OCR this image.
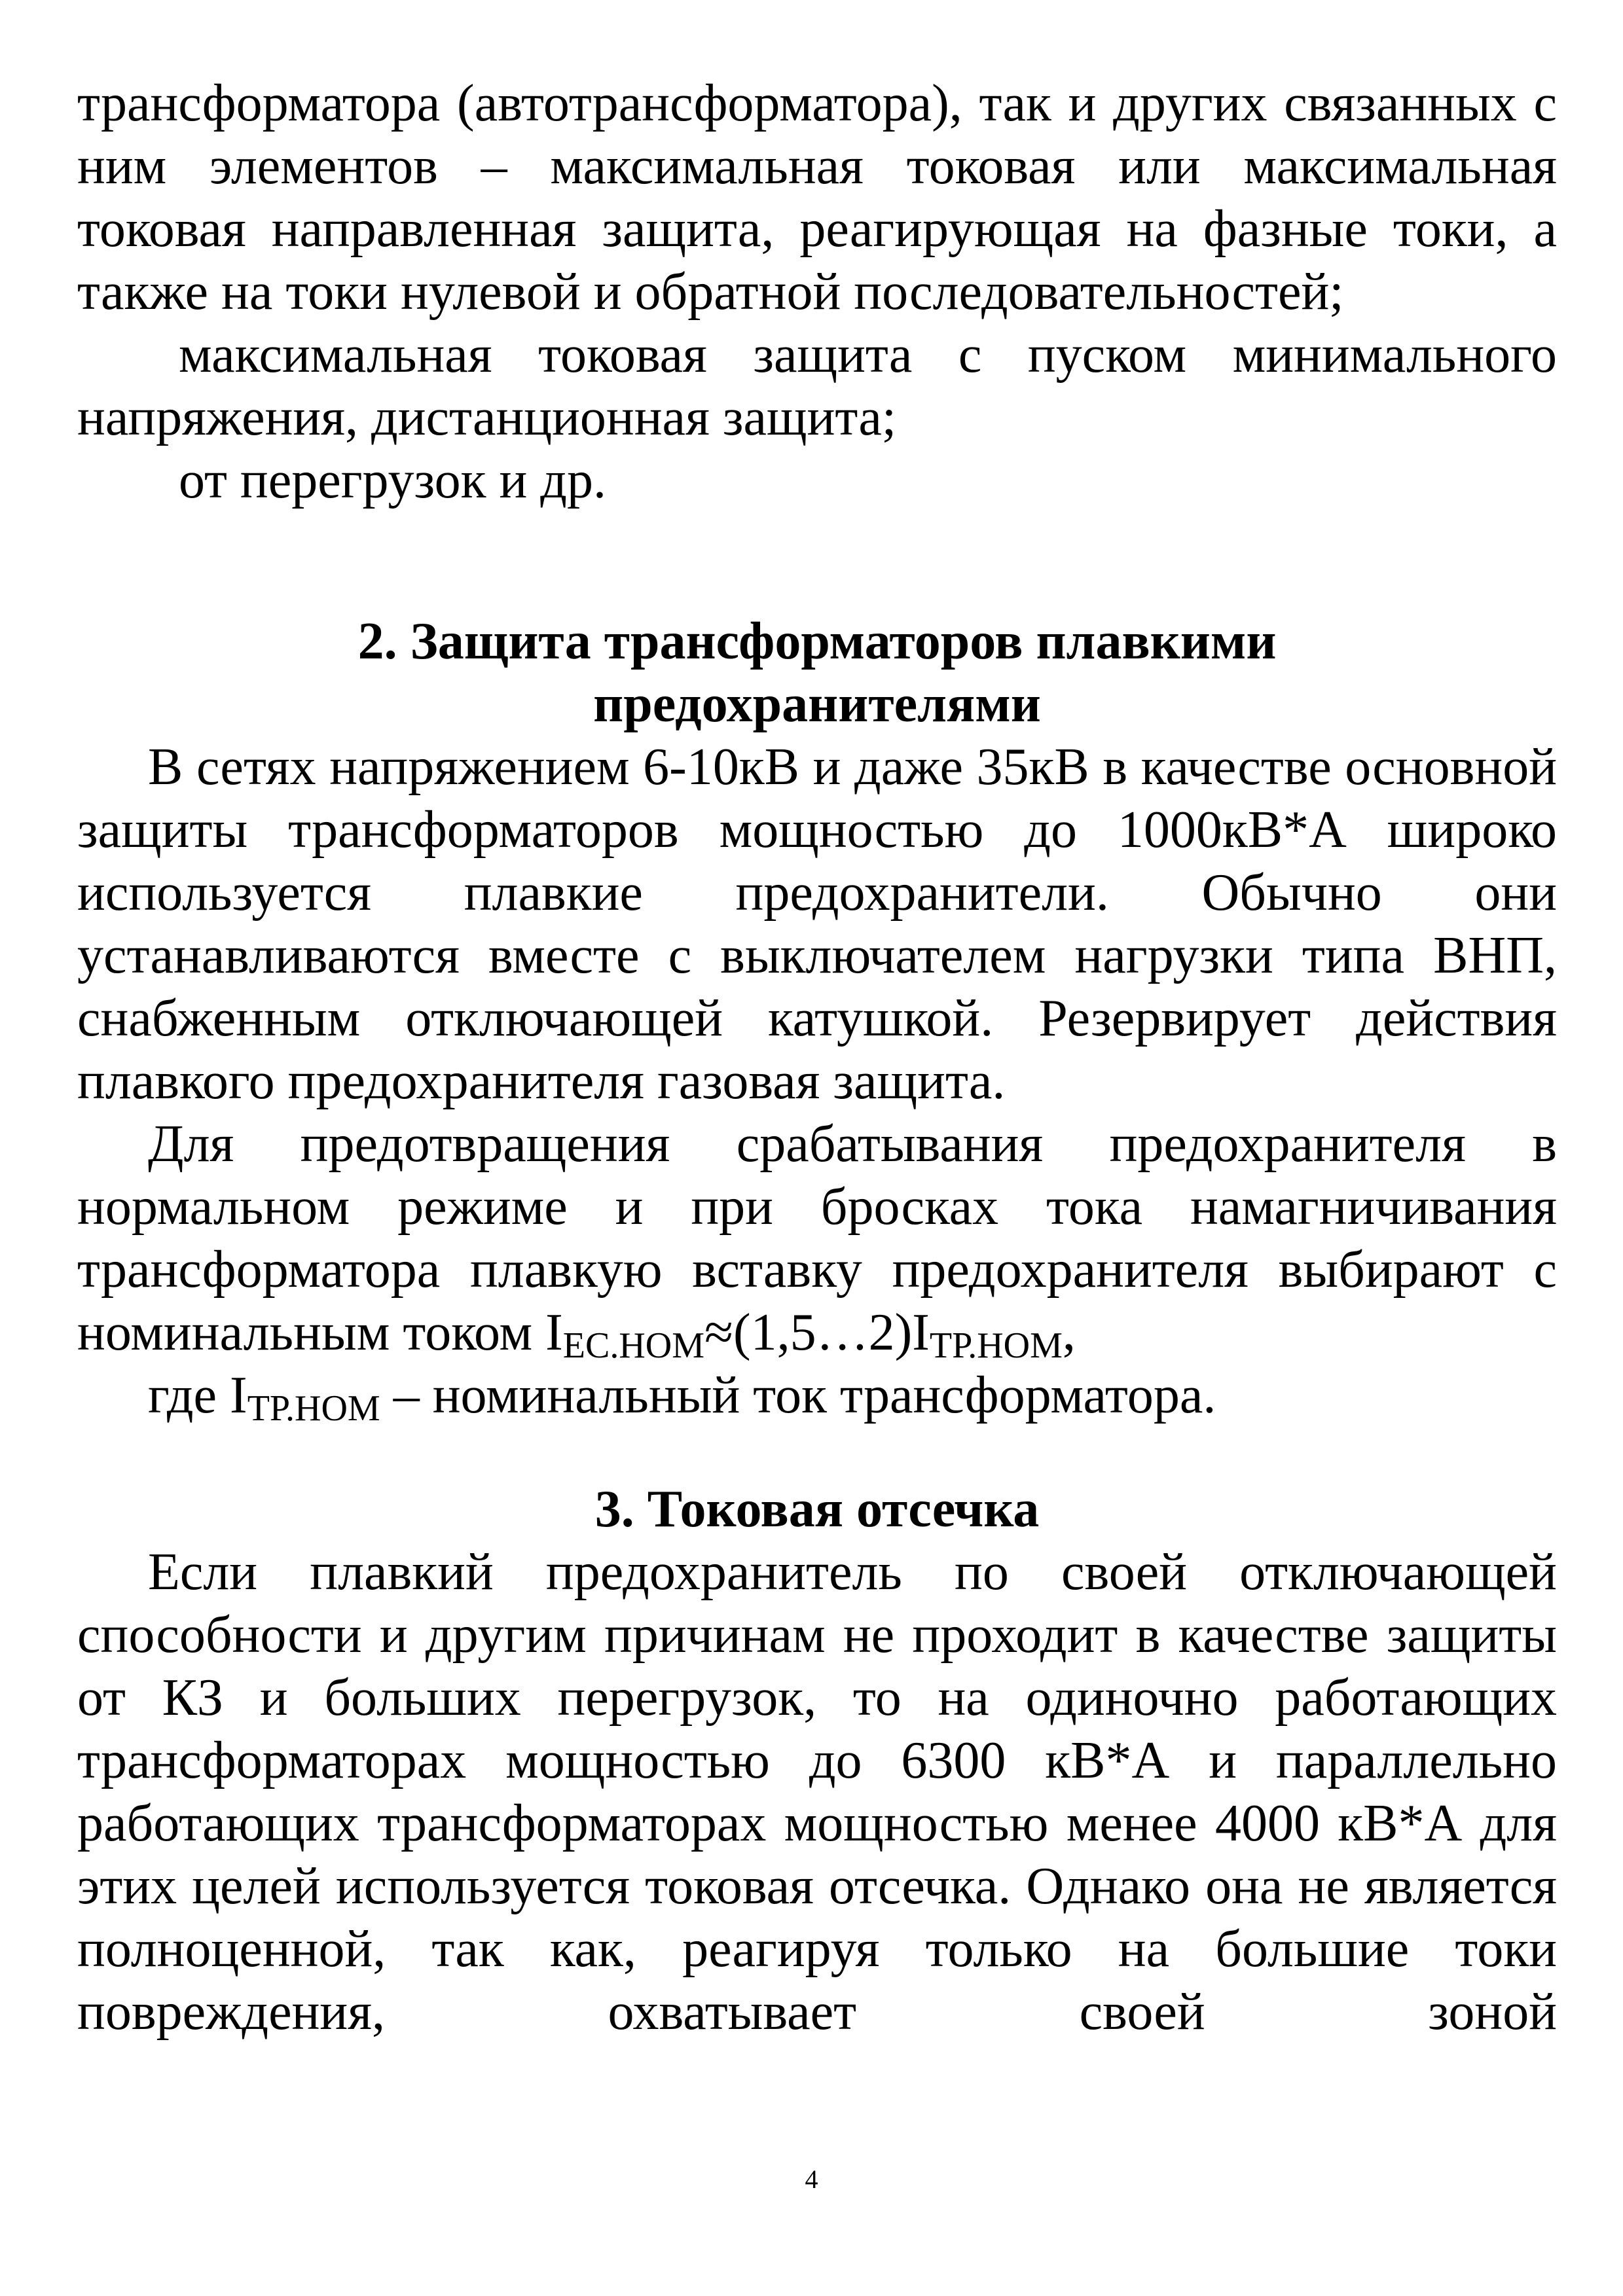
трансформатора (автотрансформатора), так и других связанных с ним элементов – максимальная токовая или максимальная токовая направленная защита, реагирующая на фазные токи, а также на токи нулевой и обратной последовательностей;

максимальная токовая защита с пуском минимального напряжения, дистанционная защита;

от перегрузок и др.

2. Защита трансформаторов плавкими
предохранителями

В сетях напряжением 6-10кВ и даже 35кВ в качестве основной защиты трансформаторов мощностью до 1000кВ*А широко используется плавкие предохранители. Обычно они устанавливаются вместе с выключателем нагрузки типа ВНП, снабженным отключающей катушкой. Резервирует действия плавкого предохранителя газовая защита.

Для предотвращения срабатывания предохранителя в нормальном режиме и при бросках тока намагничивания трансформатора плавкую вставку предохранителя выбирают с номинальным током $I_{ЕС.НОМ}\approx(1,5\dots 2)I_{ТР.НОМ}$,

где $I_{ТР.НОМ}$ – номинальный ток трансформатора.

3. Токовая отсечка

Если плавкий предохранитель по своей отключающей способности и другим причинам не проходит в качестве защиты от КЗ и больших перегрузок, то на одиночно работающих трансформаторах мощностью до 6300 кВ*А и параллельно работающих трансформаторах мощностью менее 4000 кВ*А для этих целей используется токовая отсечка. Однако она не является полноценной, так как, реагируя только на большие токи повреждения, охватывает своей зоной

4
